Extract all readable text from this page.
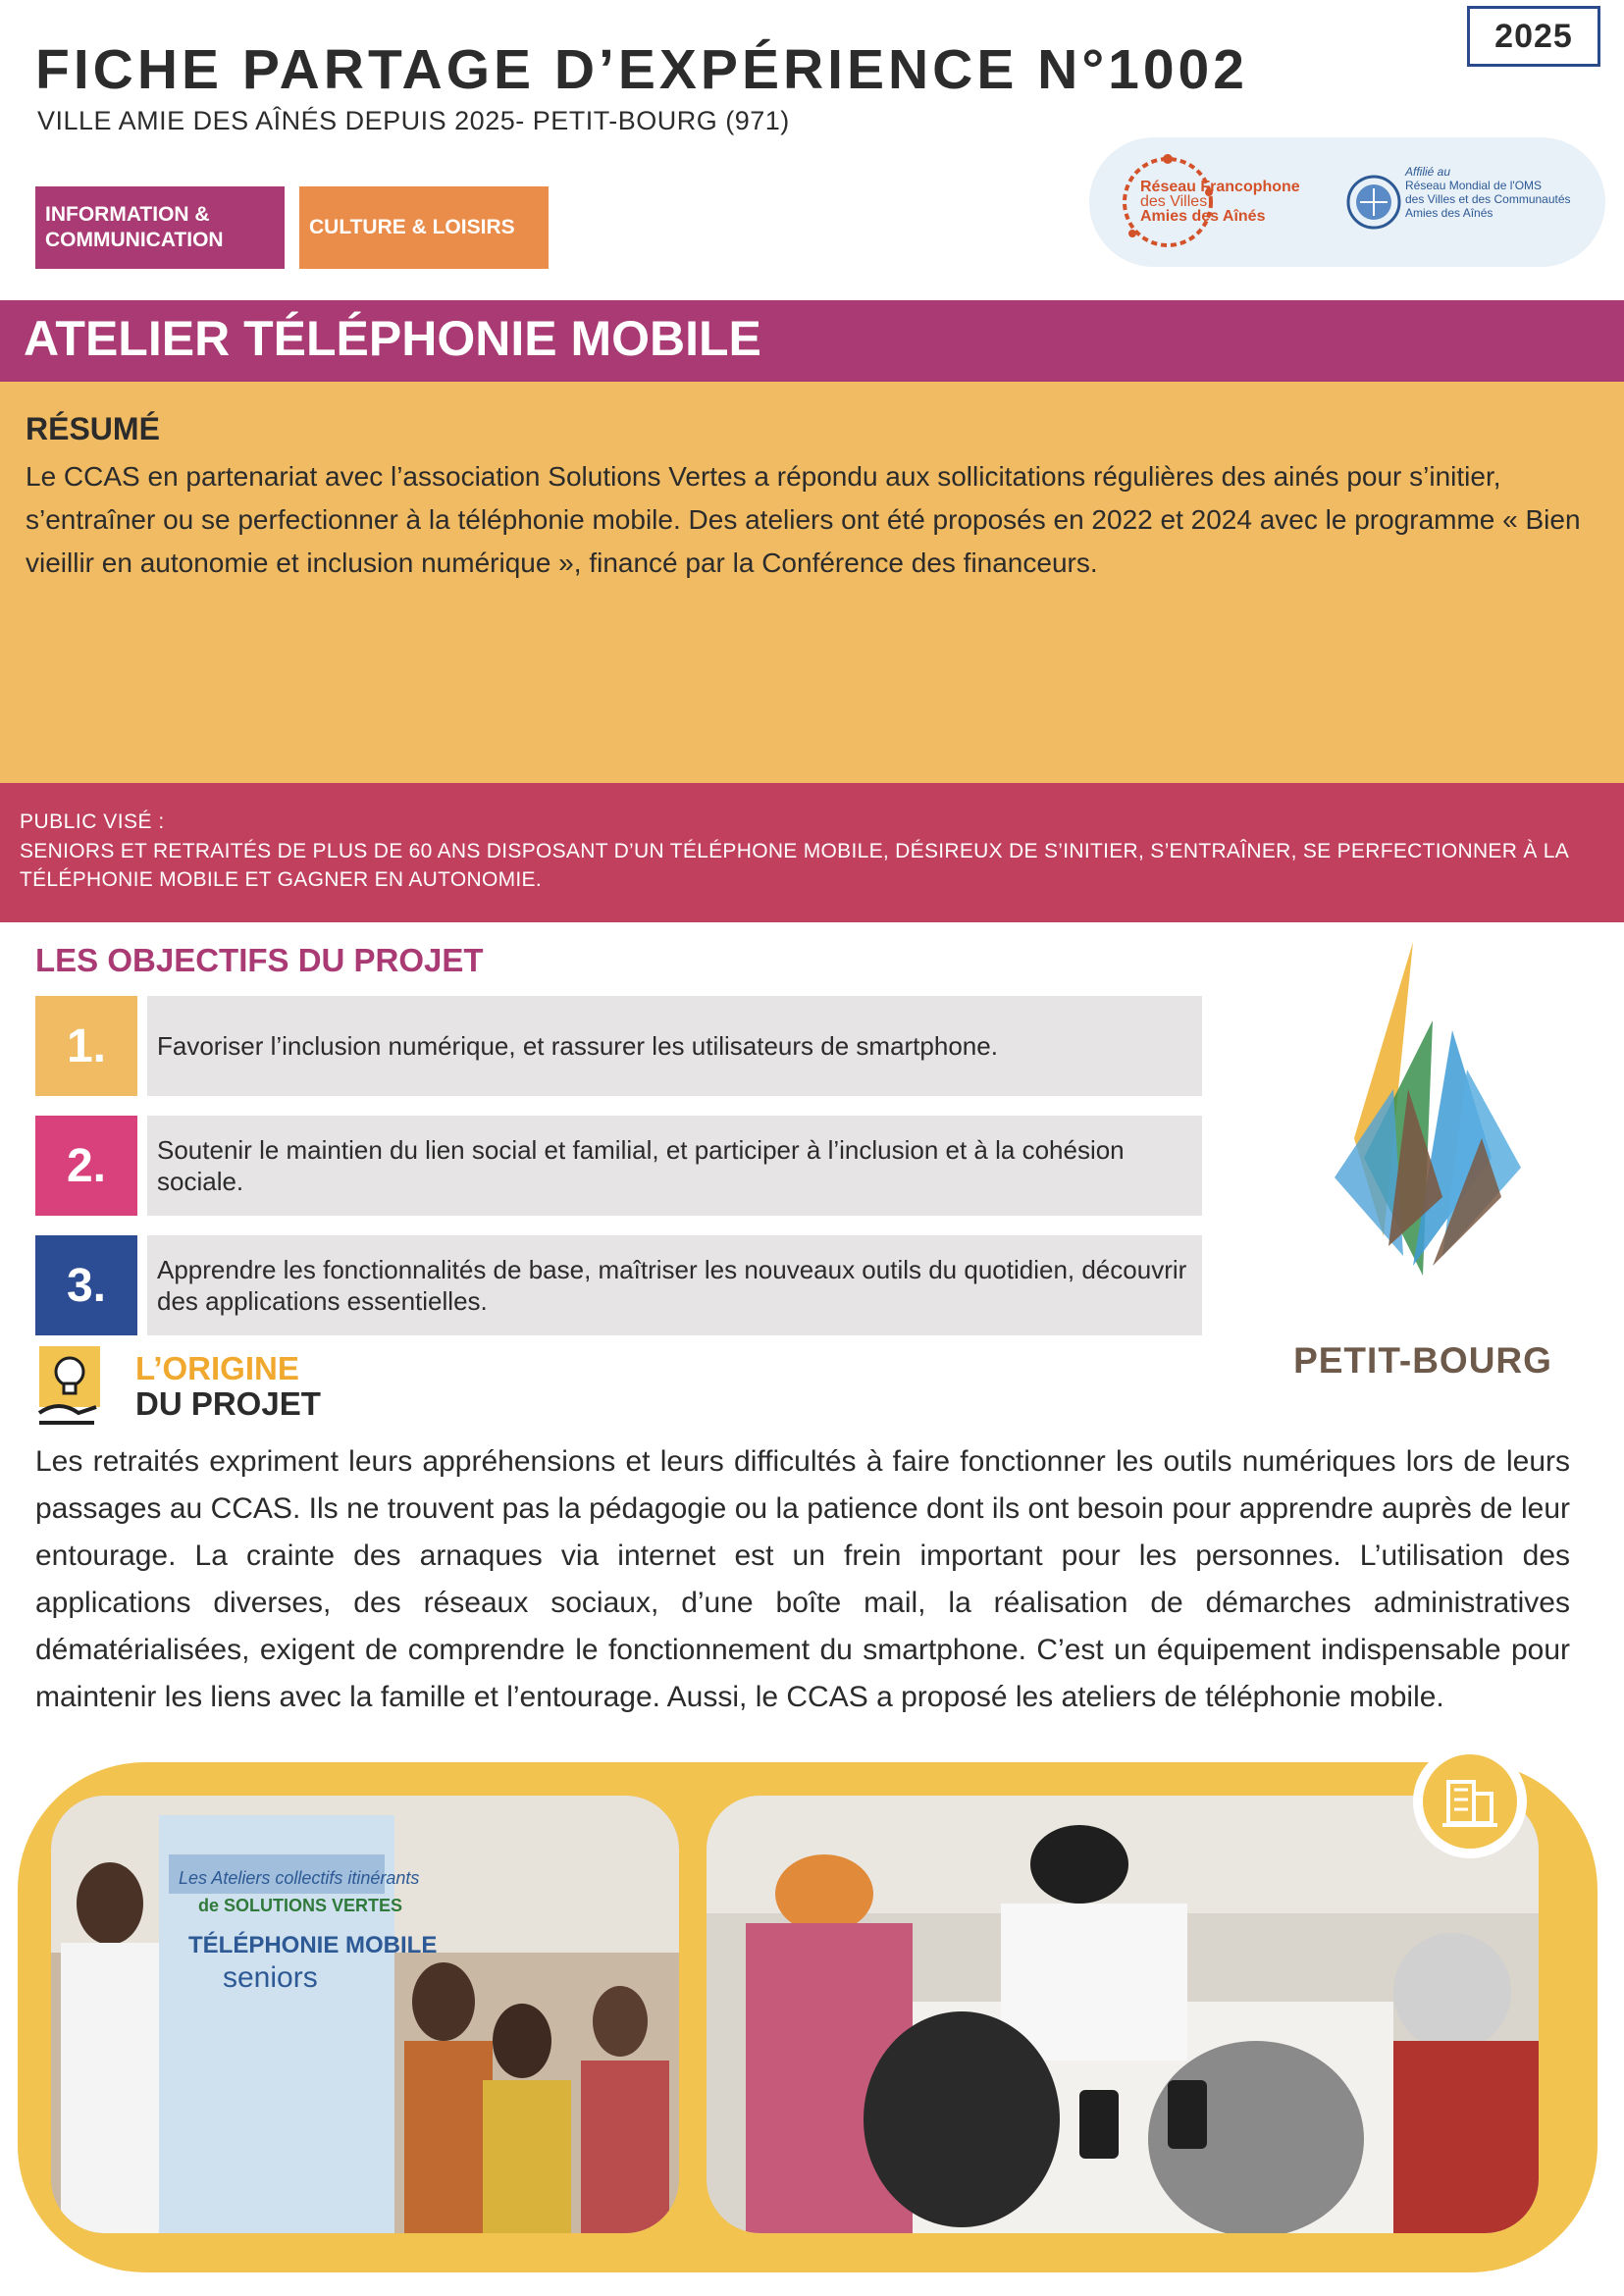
2025
FICHE PARTAGE D’EXPÉRIENCE N°1002
VILLE AMIE DES AÎNÉS DEPUIS 2025- PETIT-BOURG (971)
INFORMATION & COMMUNICATION
CULTURE & LOISIRS
Réseau Francophone
des Villes
Amies des Aînés
Affilié au
Réseau Mondial de l'OMS
des Villes et des Communautés
Amies des Aînés
ATELIER TÉLÉPHONIE MOBILE
RÉSUMÉ
Le CCAS en partenariat avec l’association Solutions Vertes a répondu aux sollicitations régulières des ainés pour s’initier, s’entraîner ou se perfectionner à la téléphonie mobile. Des ateliers ont été proposés en 2022 et 2024 avec le programme « Bien vieillir en autonomie et inclusion numérique », financé par la Conférence des financeurs.
PUBLIC VISÉ :
SENIORS ET RETRAITÉS DE PLUS DE 60 ANS DISPOSANT D’UN TÉLÉPHONE MOBILE, DÉSIREUX DE S’INITIER, S’ENTRAÎNER, SE PERFECTIONNER À LA TÉLÉPHONIE MOBILE ET GAGNER EN AUTONOMIE.
LES OBJECTIFS DU PROJET
1.	Favoriser l’inclusion numérique, et rassurer les utilisateurs de smartphone.
2.	Soutenir le maintien du lien social et familial, et participer à l’inclusion et à la cohésion sociale.
3.	Apprendre les fonctionnalités de base, maîtriser les nouveaux outils du quotidien, découvrir des applications essentielles.
PETIT-BOURG
L’ORIGINE
DU PROJET
Les retraités expriment leurs appréhensions et leurs difficultés à faire fonctionner les outils numériques lors de leurs passages au CCAS. Ils ne trouvent pas la pédagogie ou la patience dont ils ont besoin pour apprendre auprès de leur entourage. La crainte des arnaques via internet est un frein important pour les personnes. L’utilisation des applications diverses, des réseaux sociaux, d’une boîte mail, la réalisation de démarches administratives dématérialisées, exigent de comprendre le fonctionnement du smartphone. C’est un équipement indispensable pour maintenir les liens avec la famille et l’entourage. Aussi, le CCAS a proposé les ateliers de téléphonie mobile.
Les Ateliers collectifs itinérants
de SOLUTIONS VERTES
TÉLÉPHONIE MOBILE
seniors
